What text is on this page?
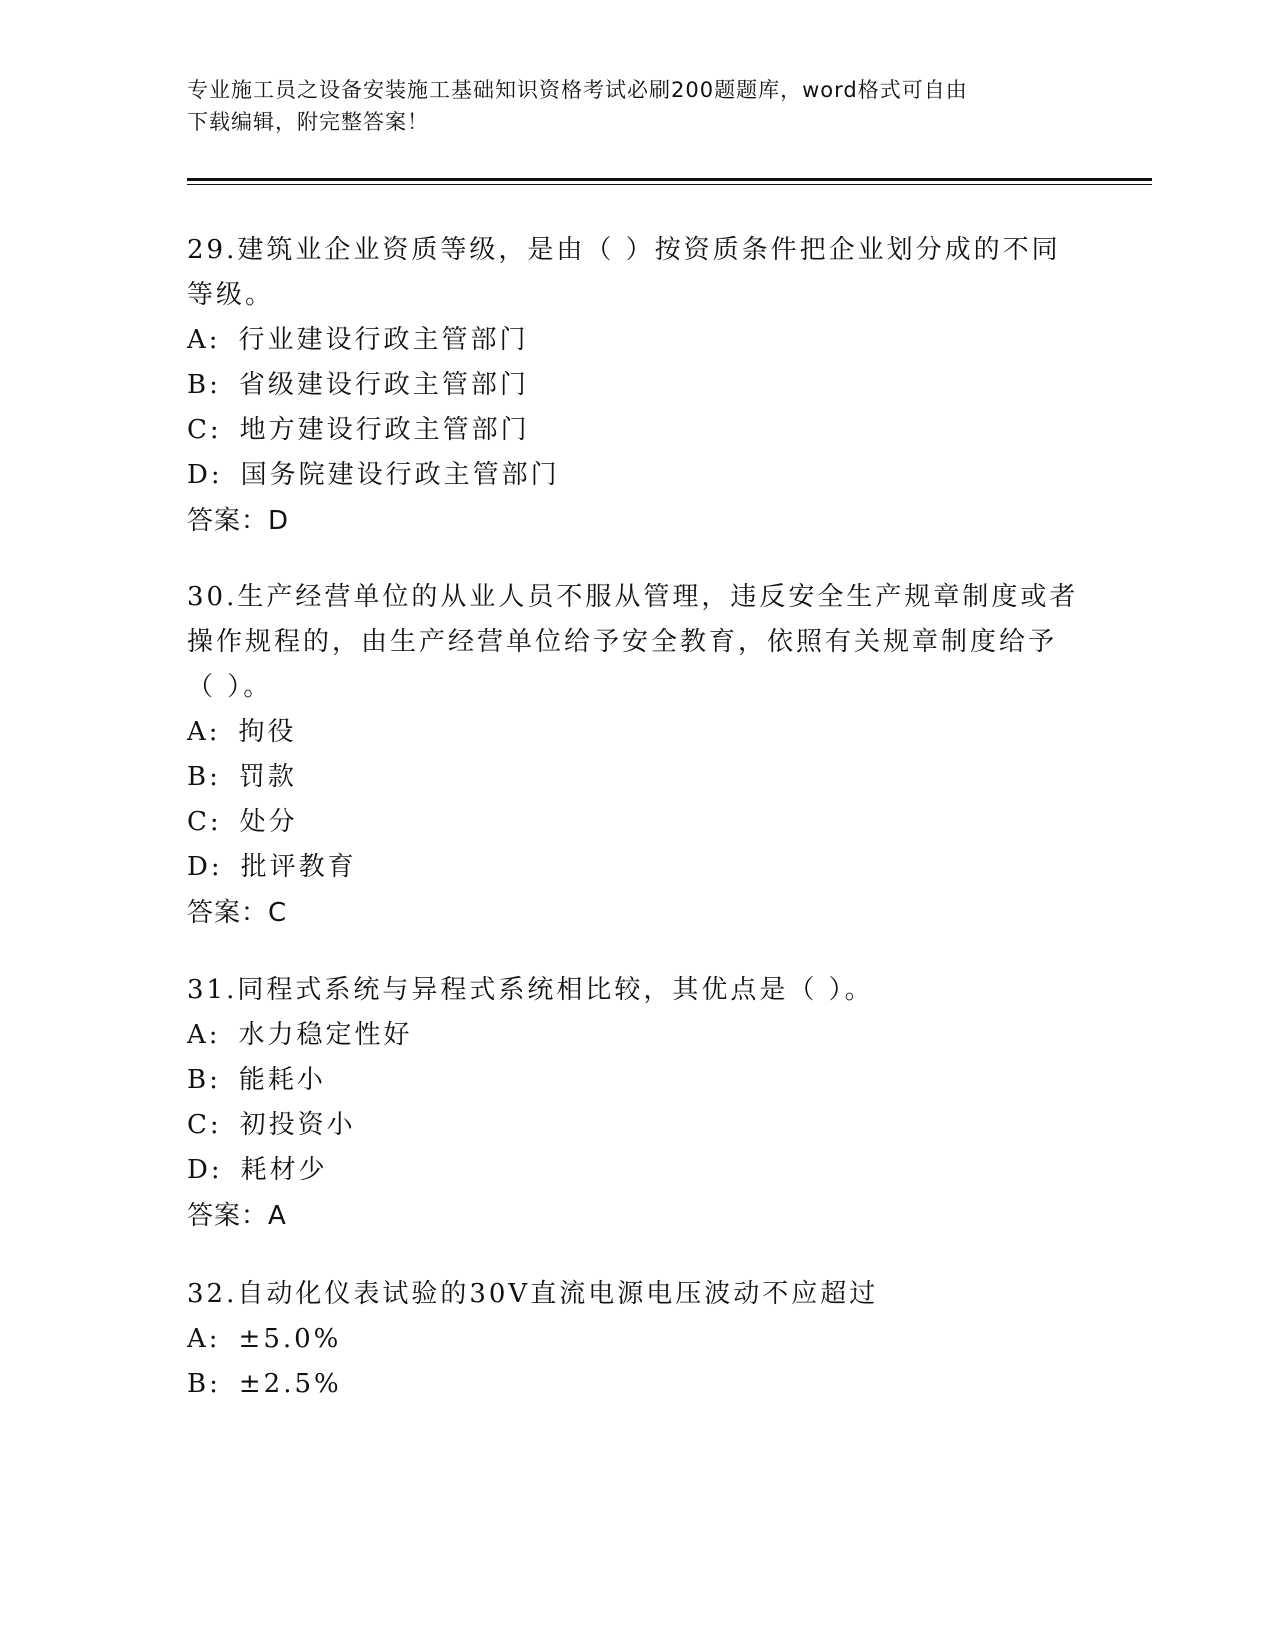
专业施工员之设备安装施工基础知识资格考试必刷200题题库，word格式可自由
下载编辑，附完整答案！

29.建筑业企业资质等级，是由（ ）按资质条件把企业划分成的不同

等级。

A: 行业建设行政主管部门

B: 省级建设行政主管部门

C: 地方建设行政主管部门

D: 国务院建设行政主管部门

答案：D

30.生产经营单位的从业人员不服从管理，违反安全生产规章制度或者

操作规程的，由生产经营单位给予安全教育，依照有关规章制度给予

（ ）。

A: 拘役

B: 罚款

C: 处分

D: 批评教育

答案：C

31.同程式系统与异程式系统相比较，其优点是（ ）。

A: 水力稳定性好

B: 能耗小

C: 初投资小

D: 耗材少

答案：A

32.自动化仪表试验的30V直流电源电压波动不应超过

A: ±5.0%

B: ±2.5%
